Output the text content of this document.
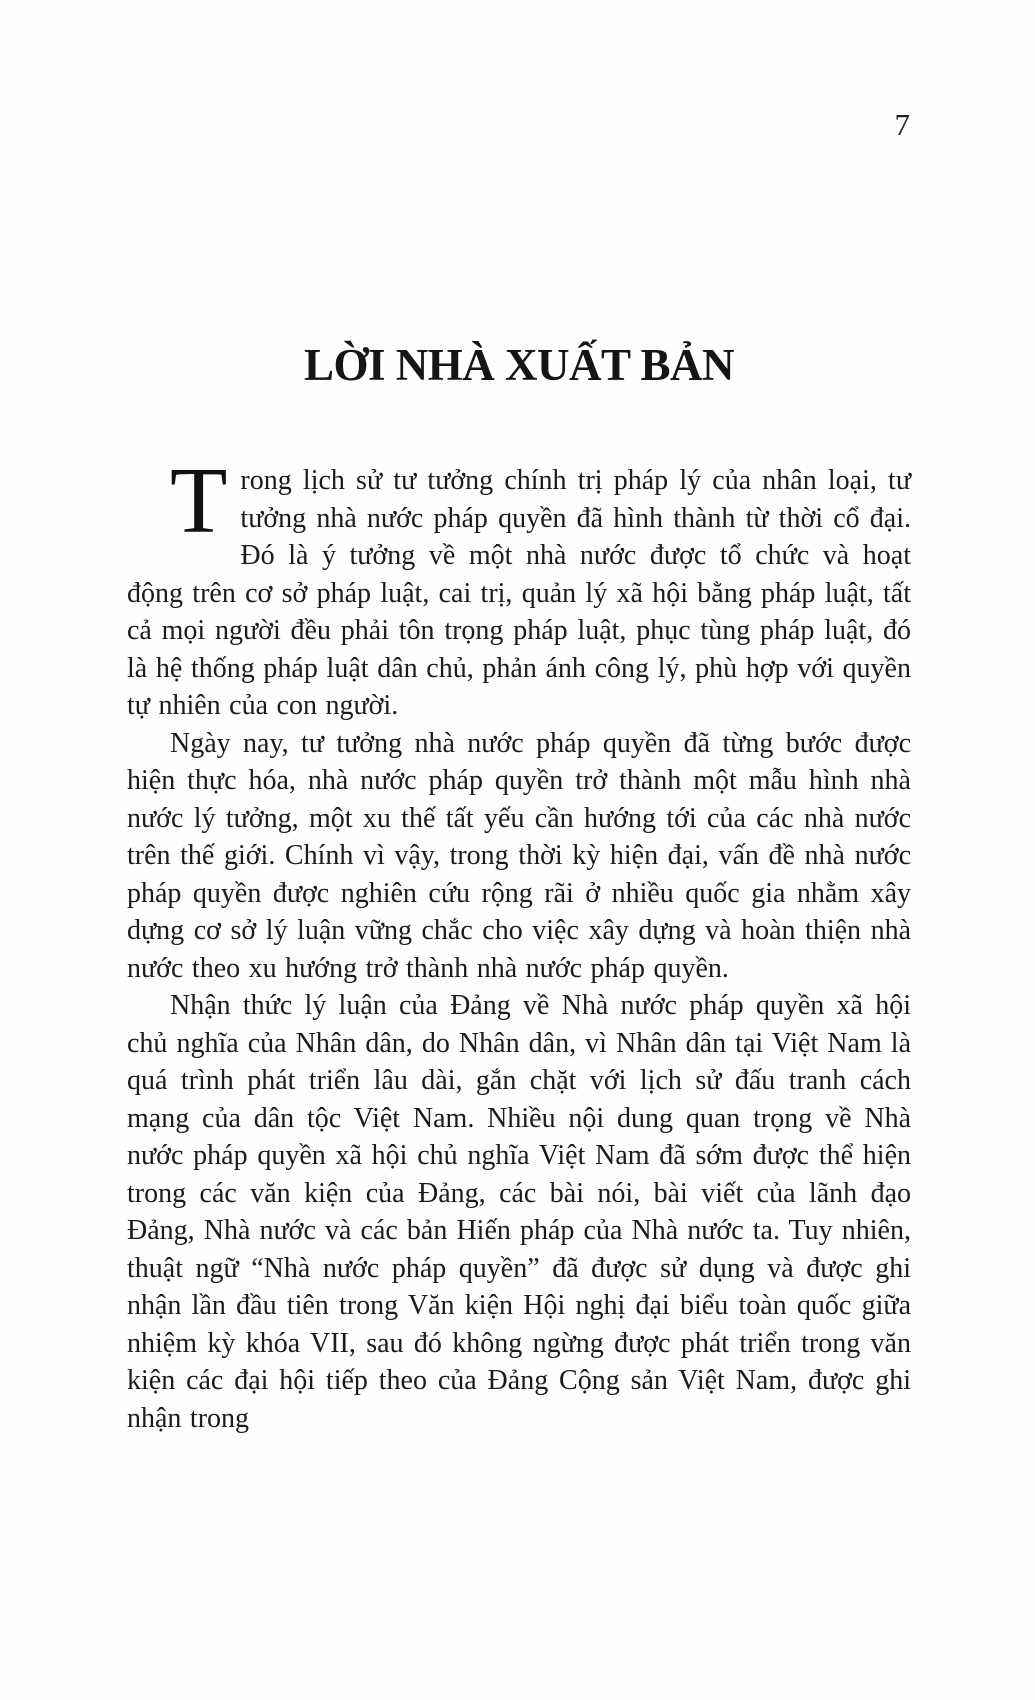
7
LỜI NHÀ XUẤT BẢN

Trong lịch sử tư tưởng chính trị pháp lý của nhân loại, tư tưởng nhà nước pháp quyền đã hình thành từ thời cổ đại. Đó là ý tưởng về một nhà nước được tổ chức và hoạt động trên cơ sở pháp luật, cai trị, quản lý xã hội bằng pháp luật, tất cả mọi người đều phải tôn trọng pháp luật, phục tùng pháp luật, đó là hệ thống pháp luật dân chủ, phản ánh công lý, phù hợp với quyền tự nhiên của con người.

Ngày nay, tư tưởng nhà nước pháp quyền đã từng bước được hiện thực hóa, nhà nước pháp quyền trở thành một mẫu hình nhà nước lý tưởng, một xu thế tất yếu cần hướng tới của các nhà nước trên thế giới. Chính vì vậy, trong thời kỳ hiện đại, vấn đề nhà nước pháp quyền được nghiên cứu rộng rãi ở nhiều quốc gia nhằm xây dựng cơ sở lý luận vững chắc cho việc xây dựng và hoàn thiện nhà nước theo xu hướng trở thành nhà nước pháp quyền.

Nhận thức lý luận của Đảng về Nhà nước pháp quyền xã hội chủ nghĩa của Nhân dân, do Nhân dân, vì Nhân dân tại Việt Nam là quá trình phát triển lâu dài, gắn chặt với lịch sử đấu tranh cách mạng của dân tộc Việt Nam. Nhiều nội dung quan trọng về Nhà nước pháp quyền xã hội chủ nghĩa Việt Nam đã sớm được thể hiện trong các văn kiện của Đảng, các bài nói, bài viết của lãnh đạo Đảng, Nhà nước và các bản Hiến pháp của Nhà nước ta. Tuy nhiên, thuật ngữ “Nhà nước pháp quyền” đã được sử dụng và được ghi nhận lần đầu tiên trong Văn kiện Hội nghị đại biểu toàn quốc giữa nhiệm kỳ khóa VII, sau đó không ngừng được phát triển trong văn kiện các đại hội tiếp theo của Đảng Cộng sản Việt Nam, được ghi nhận trong
